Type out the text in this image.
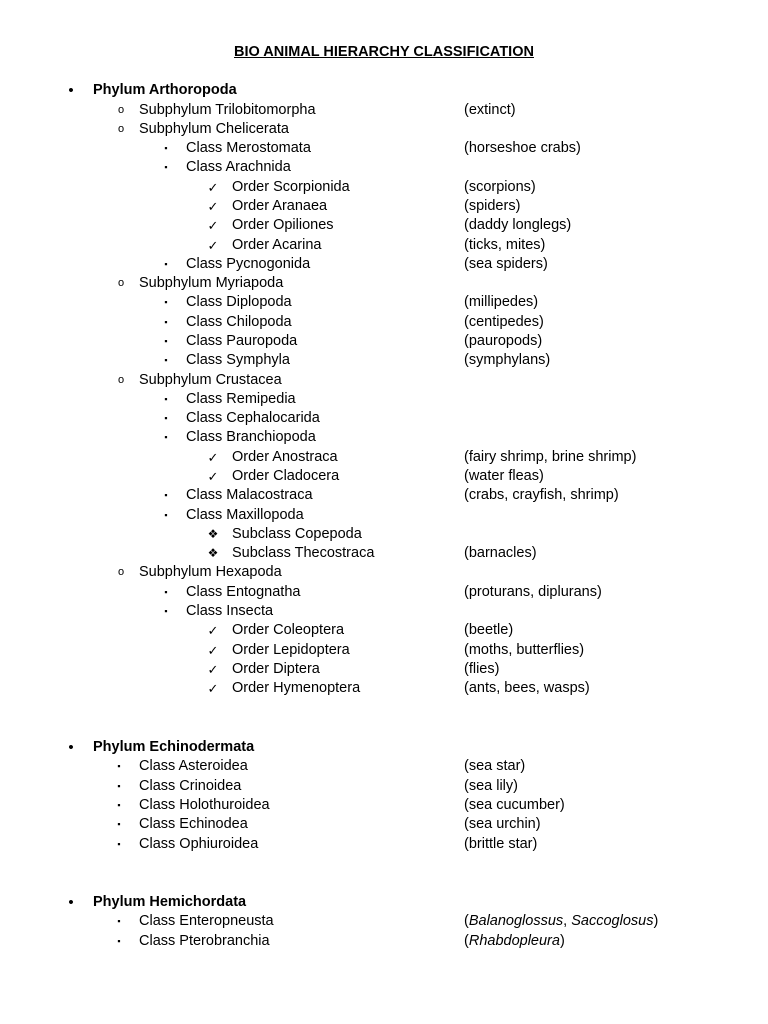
BIO ANIMAL HIERARCHY CLASSIFICATION
•	Phylum Arthoropoda
o Subphylum Trilobitomorpha	(extinct)
o Subphylum Chelicerata
▪	Class Merostomata	(horseshoe crabs)
▪	Class Arachnida
✓ Order Scorpionida	(scorpions)
✓ Order Aranaea	(spiders)
✓ Order Opiliones	(daddy longlegs)
✓ Order Acarina	(ticks, mites)
▪	Class Pycnogonida	(sea spiders)
o Subphylum Myriapoda
▪	Class Diplopoda	(millipedes)
▪	Class Chilopoda	(centipedes)
▪	Class Pauropoda	(pauropods)
▪	Class Symphyla	(symphylans)
o Subphylum Crustacea
▪	Class Remipedia
▪	Class Cephalocarida
▪	Class Branchiopoda
✓ Order Anostraca	(fairy shrimp, brine shrimp)
✓ Order Cladocera	(water fleas)
▪	Class Malacostraca	(crabs, crayfish, shrimp)
▪	Class Maxillopoda
❖ Subclass Copepoda
❖ Subclass Thecostraca	(barnacles)
o Subphylum Hexapoda
▪	Class Entognatha	(proturans, diplurans)
▪	Class Insecta
✓ Order Coleoptera	(beetle)
✓ Order Lepidoptera	(moths, butterflies)
✓ Order Diptera	(flies)
✓ Order Hymenoptera	(ants, bees, wasps)
•	Phylum Echinodermata
▪	Class Asteroidea	(sea star)
▪	Class Crinoidea	(sea lily)
▪	Class Holothuroidea	(sea cucumber)
▪	Class Echinodea	(sea urchin)
▪	Class Ophiuroidea	(brittle star)
•	Phylum Hemichordata
▪	Class Enteropneusta	(Balanoglossus, Saccoglosus)
▪	Class Pterobranchia	(Rhabdopleura)
